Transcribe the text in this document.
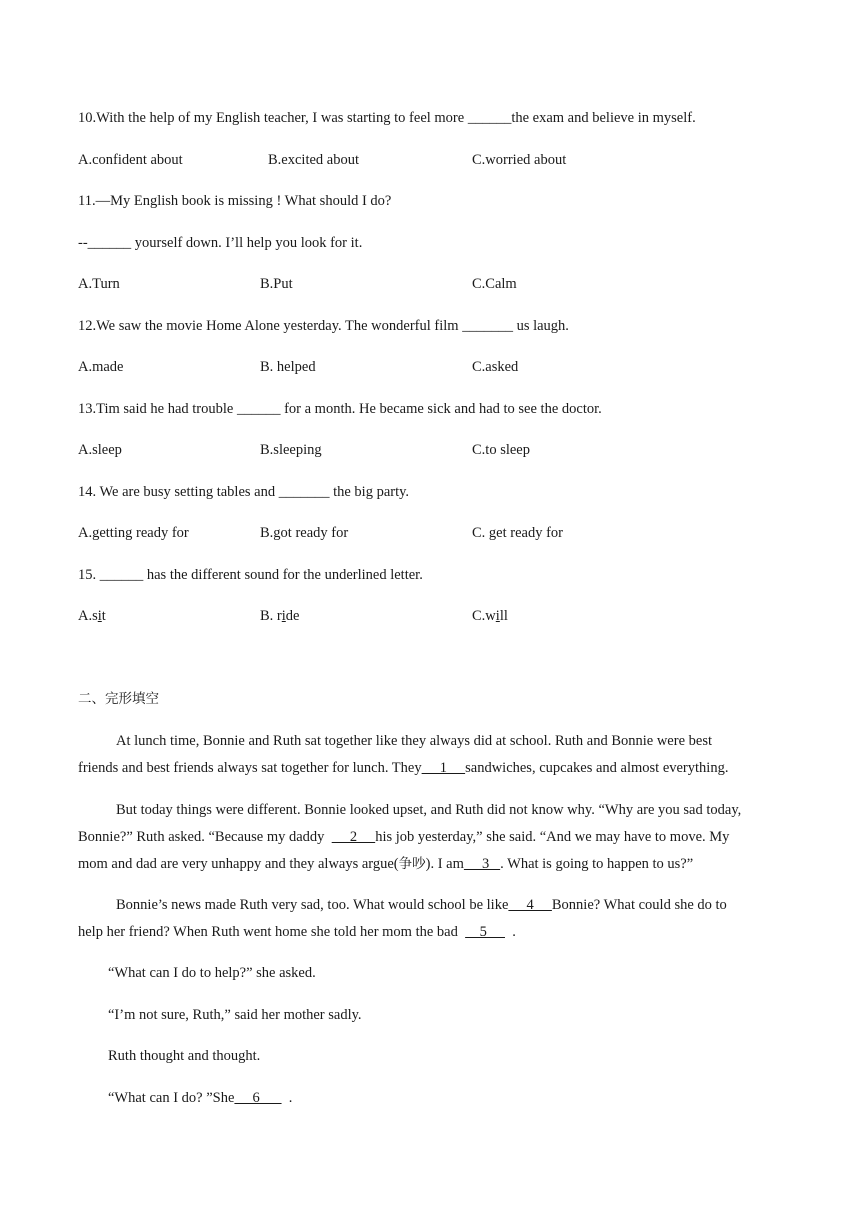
10.With the help of my English teacher, I was starting to feel more ______the exam and believe in myself.
A.confident about	B.excited about	C.worried about
11.—My English book is missing ! What should I do?
--______ yourself down. I’ll help you look for it.
A.Turn	B.Put	C.Calm
12.We saw the movie Home Alone yesterday. The wonderful film _______ us laugh.
A.made	B. helped	C.asked
13.Tim said he had trouble ______ for a month. He became sick and had to see the doctor.
A.sleep	B.sleeping	C.to sleep
14. We are busy setting tables and _______ the big party.
A.getting ready for	B.got ready for	C. get ready for
15. ______ has the different sound for the underlined letter.
A.sit	B. ride	C.will
二、完形填空
At lunch time, Bonnie and Ruth sat together like they always did at school. Ruth and Bonnie were best
friends and best friends always sat together for lunch. They     1     sandwiches, cupcakes and almost everything.
But today things were different. Bonnie looked upset, and Ruth did not know why. “Why are you sad today,
Bonnie?” Ruth asked. “Because my daddy       2     his job yesterday,” she said. “And we may have to move. My
mom and dad are very unhappy and they always argue(争吵). I am     3   . What is going to happen to us?”
Bonnie’s news made Ruth very sad, too. What would school be like     4     Bonnie? What could she do to
help her friend? When Ruth went home she told her mom the bad      5       .
“What can I do to help?” she asked.
“I’m not sure, Ruth,” said her mother sadly.
Ruth thought and thought.
“What can I do? ”She     6        .
